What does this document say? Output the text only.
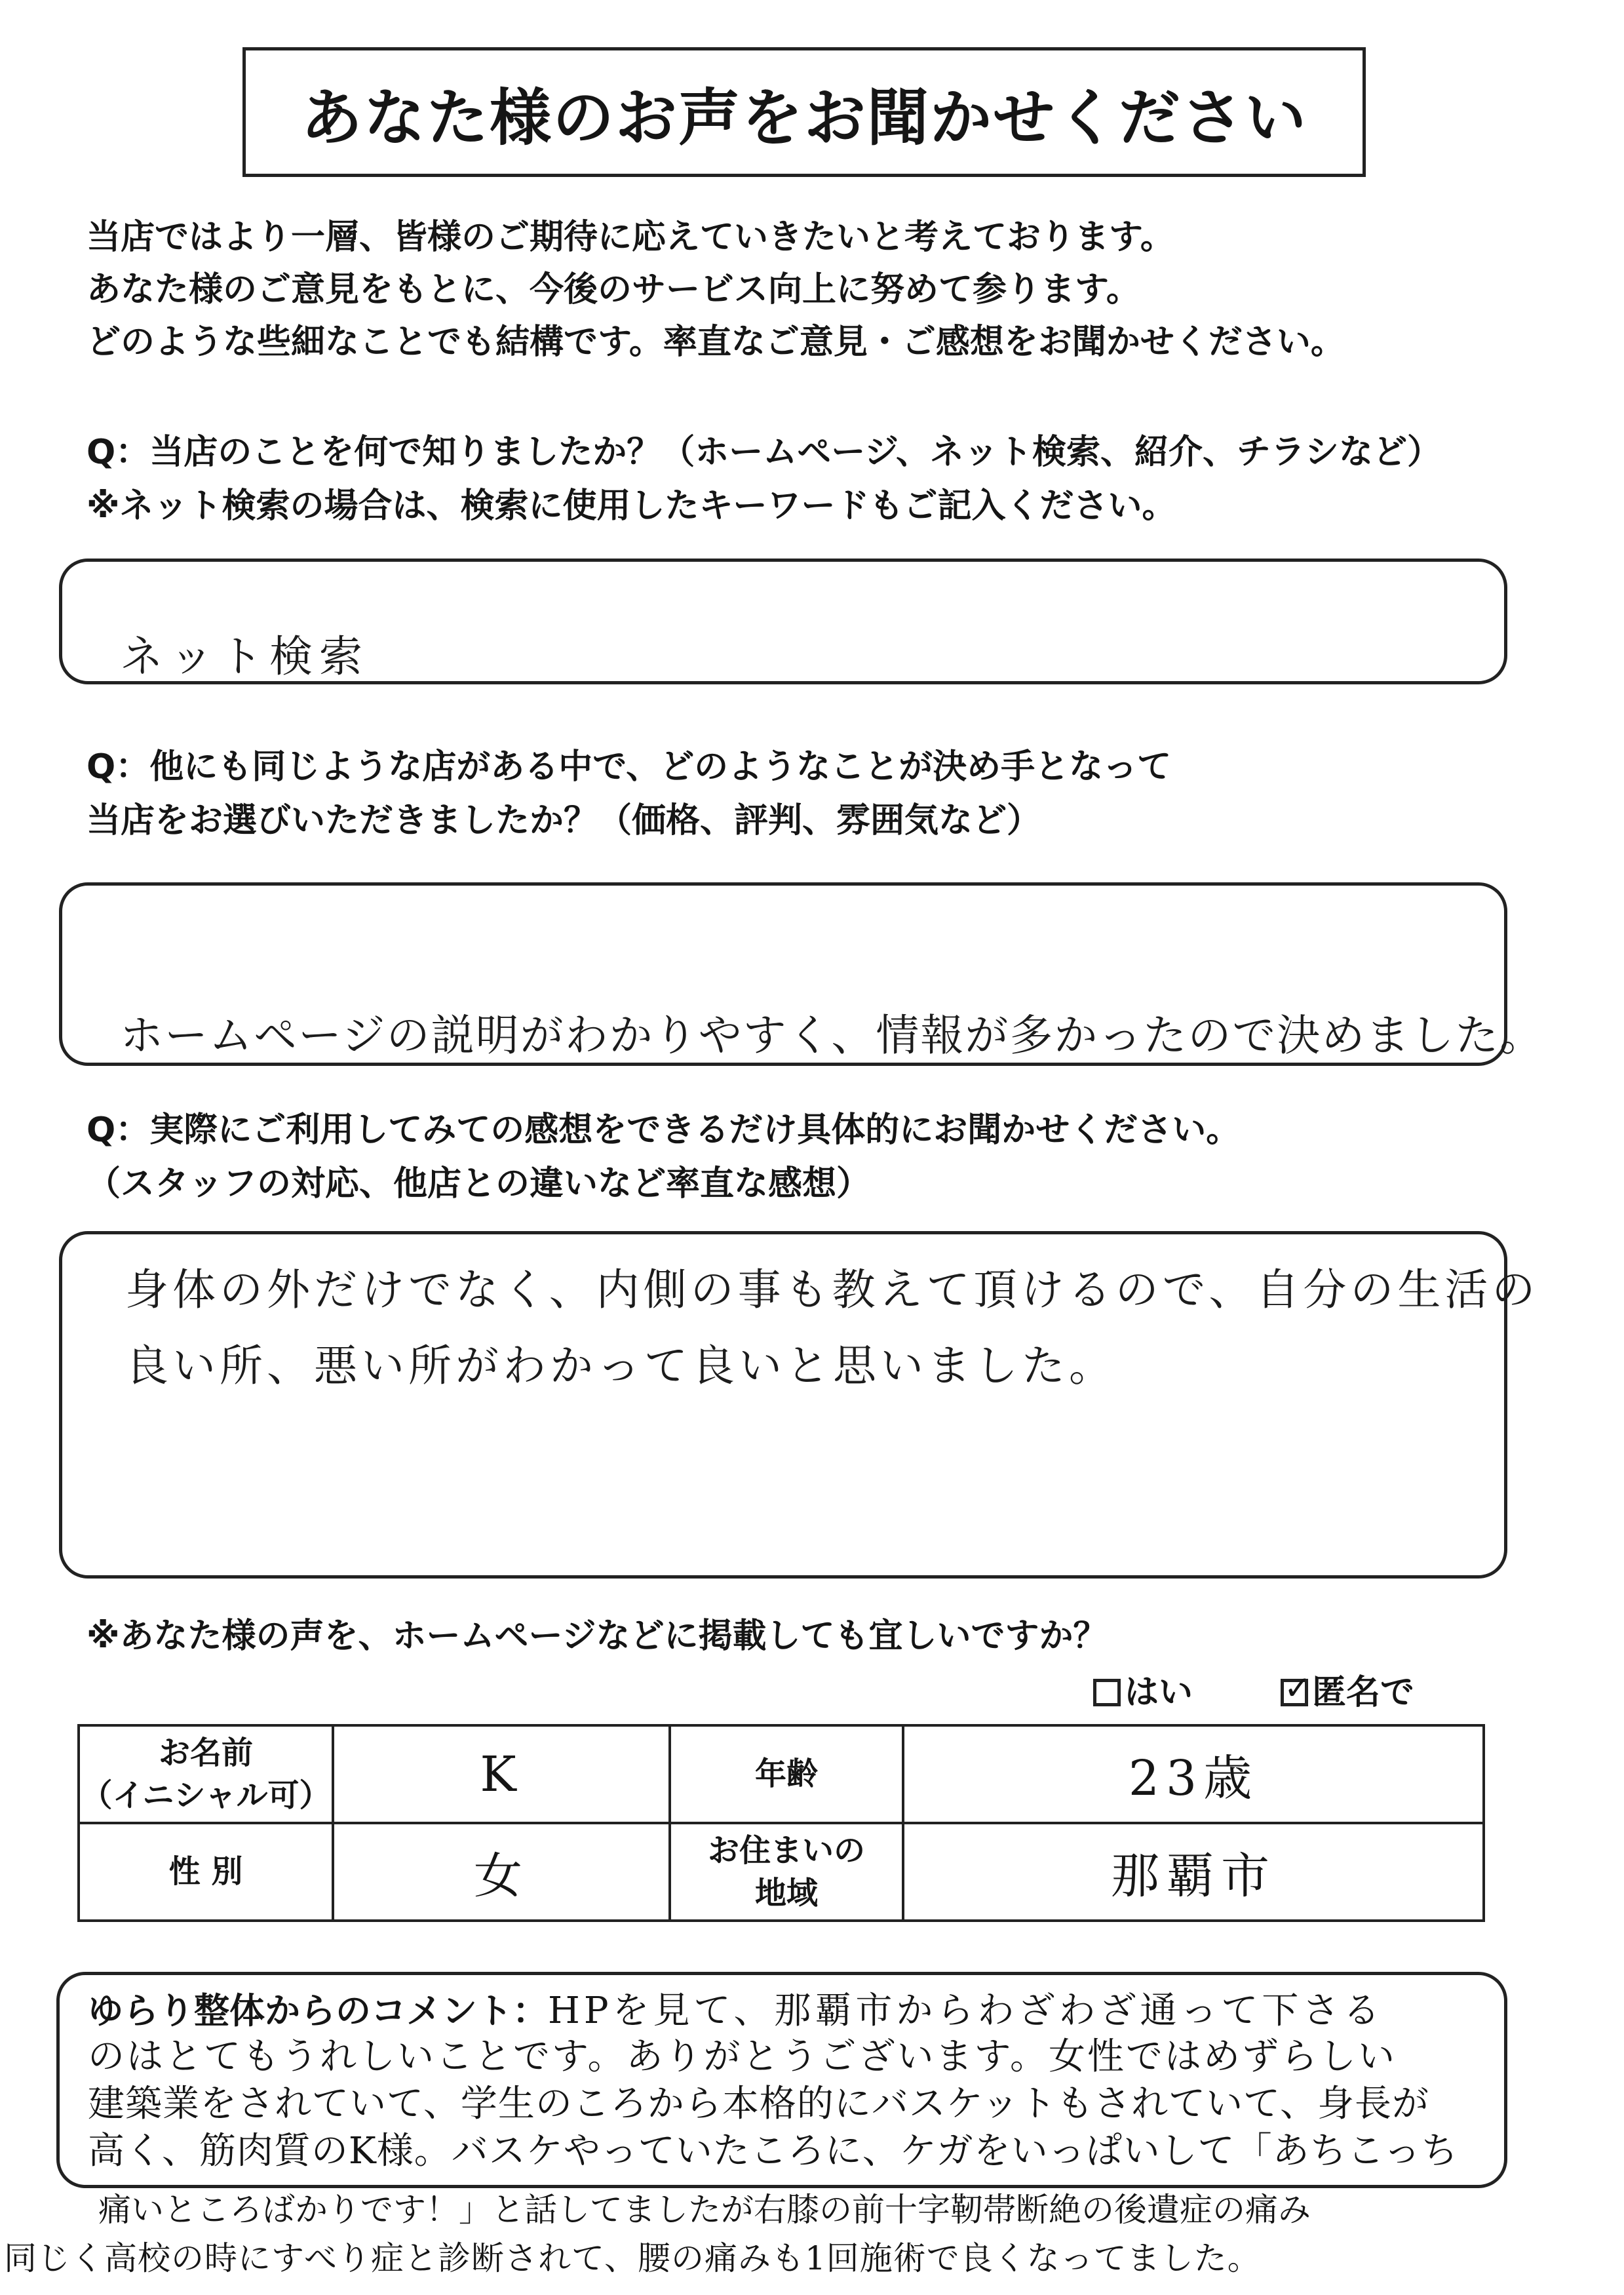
あなた様のお声をお聞かせください
当店ではより一層、皆様のご期待に応えていきたいと考えております。
あなた様のご意見をもとに、今後のサービス向上に努めて参ります。
どのような些細なことでも結構です。率直なご意見・ご感想をお聞かせください。
Q：当店のことを何で知りましたか？（ホームページ、ネット検索、紹介、チラシなど）
※ネット検索の場合は、検索に使用したキーワードもご記入ください。
ネット検索
Q：他にも同じような店がある中で、どのようなことが決め手となって
当店をお選びいただきましたか？（価格、評判、雰囲気など）
ホームページの説明がわかりやすく、情報が多かったので決めました。
Q：実際にご利用してみての感想をできるだけ具体的にお聞かせください。
（スタッフの対応、他店との違いなど率直な感想）
身体の外だけでなく、内側の事も教えて頂けるので、自分の生活の
良い所、悪い所がわかって良いと思いました。
※あなた様の声を、ホームページなどに掲載しても宜しいですか？
はい	✓ 匿名で
お名前
（イニシャル可）	K	年齢	23歳
性 別	女	お住まいの
地域	那覇市
ゆらり整体からのコメント：HPを見て、那覇市からわざわざ通って下さる
のはとてもうれしいことです。ありがとうございます。女性ではめずらしい
建築業をされていて、学生のころから本格的にバスケットもされていて、身長が
高く、筋肉質のK様。バスケやっていたころに、ケガをいっぱいして「あちこっち
痛いところばかりです！」と話してましたが右膝の前十字靭帯断絶の後遺症の痛み
同じく高校の時にすべり症と診断されて、腰の痛みも1回施術で良くなってました。
